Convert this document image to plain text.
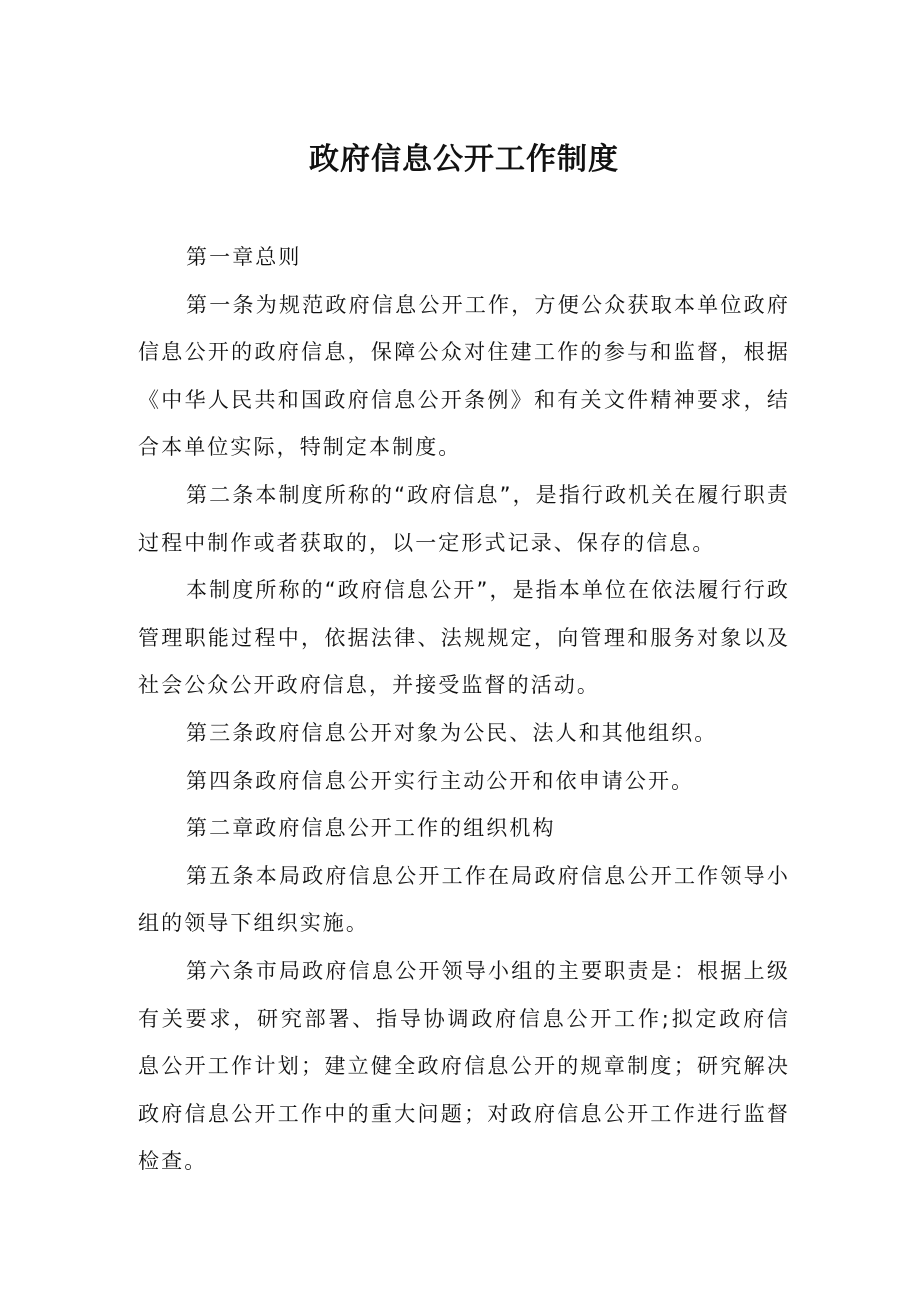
政府信息公开工作制度

第一章总则

第一条为规范政府信息公开工作，方便公众获取本单位政府信息公开的政府信息，保障公众对住建工作的参与和监督，根据《中华人民共和国政府信息公开条例》和有关文件精神要求，结合本单位实际，特制定本制度。

第二条本制度所称的“政府信息”，是指行政机关在履行职责过程中制作或者获取的，以一定形式记录、保存的信息。

本制度所称的“政府信息公开”，是指本单位在依法履行行政管理职能过程中，依据法律、法规规定，向管理和服务对象以及社会公众公开政府信息，并接受监督的活动。

第三条政府信息公开对象为公民、法人和其他组织。

第四条政府信息公开实行主动公开和依申请公开。

第二章政府信息公开工作的组织机构

第五条本局政府信息公开工作在局政府信息公开工作领导小组的领导下组织实施。

第六条市局政府信息公开领导小组的主要职责是：根据上级有关要求，研究部署、指导协调政府信息公开工作;拟定政府信息公开工作计划；建立健全政府信息公开的规章制度；研究解决政府信息公开工作中的重大问题；对政府信息公开工作进行监督检查。
